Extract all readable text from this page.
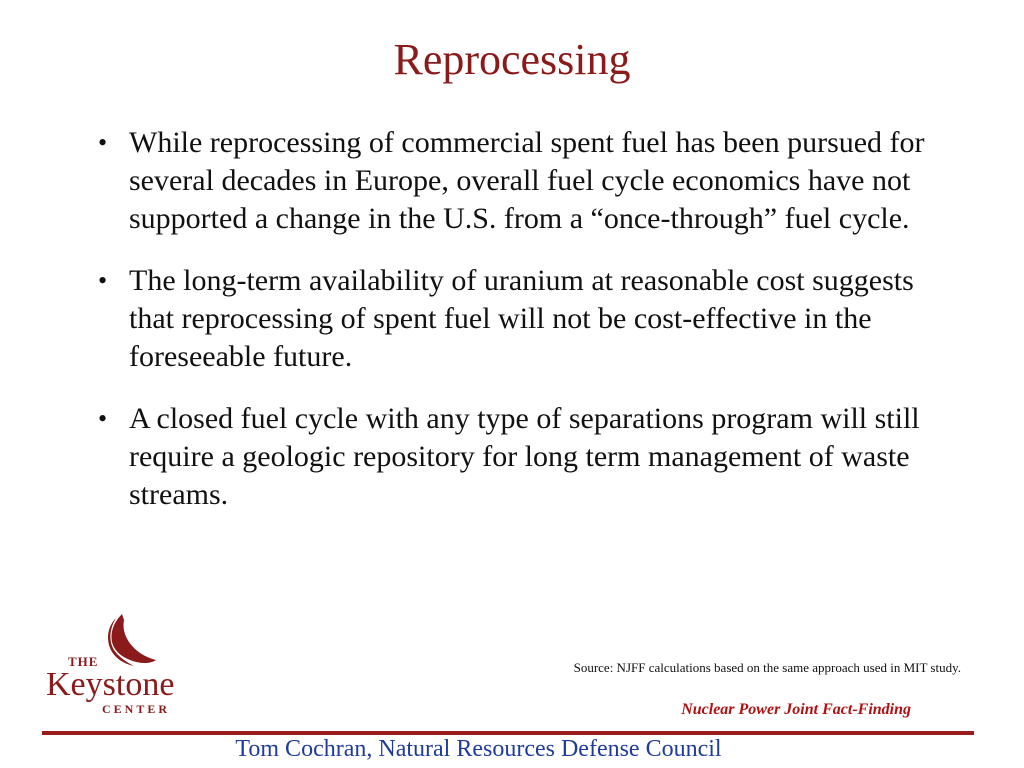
Reprocessing
• While reprocessing of commercial spent fuel has been pursued for several decades in Europe, overall fuel cycle economics have not supported a change in the U.S. from a “once-through” fuel cycle.
• The long-term availability of uranium at reasonable cost suggests that reprocessing of spent fuel will not be cost-effective in the foreseeable future.
• A closed fuel cycle with any type of separations program will still require a geologic repository for long term management of waste streams.
THE
Keystone
CENTER
Source: NJFF calculations based on the same approach used in MIT study.
Nuclear Power Joint Fact-Finding
Tom Cochran, Natural Resources Defense Council
